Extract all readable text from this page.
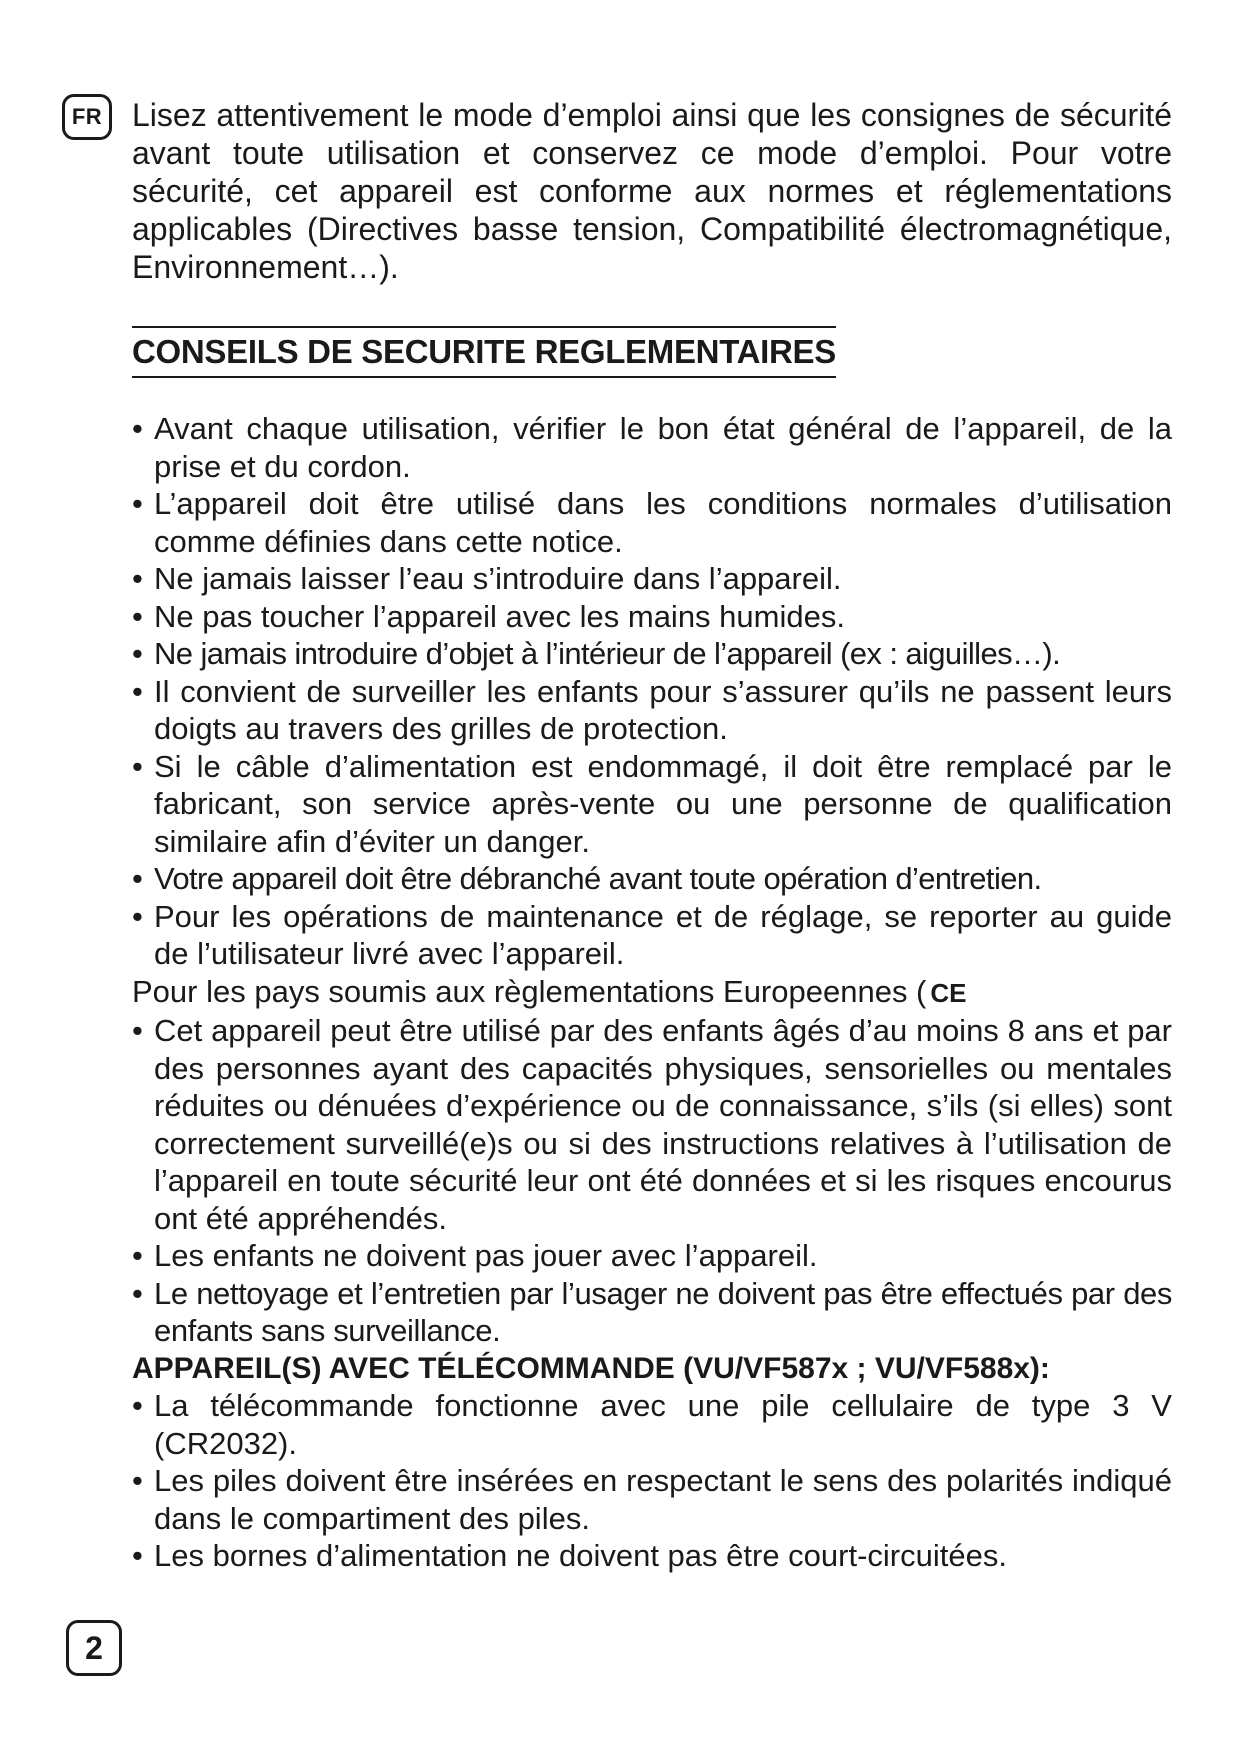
FR Lisez attentivement le mode d’emploi ainsi que les consignes de sécurité avant toute utilisation et conservez ce mode d’emploi. Pour votre sécurité, cet appareil est conforme aux normes et réglementations applicables (Directives basse tension, Compatibilité électromagnétique, Environnement…).

CONSEILS DE SECURITE REGLEMENTAIRES
• Avant chaque utilisation, vérifier le bon état général de l’appareil, de la prise et du cordon.
• L’appareil doit être utilisé dans les conditions normales d’utilisation comme définies dans cette notice.
• Ne jamais laisser l’eau s’introduire dans l’appareil.
• Ne pas toucher l’appareil avec les mains humides.
• Ne jamais introduire d’objet à l’intérieur de l’appareil (ex : aiguilles…).
• Il convient de surveiller les enfants pour s’assurer qu’ils ne passent leurs doigts au travers des grilles de protection.
• Si le câble d’alimentation est endommagé, il doit être remplacé par le fabricant, son service après-vente ou une personne de qualification similaire afin d’éviter un danger.
• Votre appareil doit être débranché avant toute opération d’entretien.
• Pour les opérations de maintenance et de réglage, se reporter au guide de l’utilisateur livré avec l’appareil.

Pour les pays soumis aux règlementations Europeennes ( CE

• Cet appareil peut être utilisé par des enfants âgés d’au moins 8 ans et par des personnes ayant des capacités physiques, sensorielles ou mentales réduites ou dénuées d’expérience ou de connaissance, s’ils (si elles) sont correctement surveillé(e)s ou si des instructions relatives à l’utilisation de l’appareil en toute sécurité leur ont été données et si les risques encourus ont été appréhendés.
• Les enfants ne doivent pas jouer avec l’appareil.
• Le nettoyage et l’entretien par l’usager ne doivent pas être effectués par des enfants sans surveillance.

APPAREIL(S) AVEC TÉLÉCOMMANDE (VU/VF587x ; VU/VF588x):

• La télécommande fonctionne avec une pile cellulaire de type 3 V (CR2032).
• Les piles doivent être insérées en respectant le sens des polarités indiqué dans le compartiment des piles.
• Les bornes d’alimentation ne doivent pas être court-circuitées.
2
